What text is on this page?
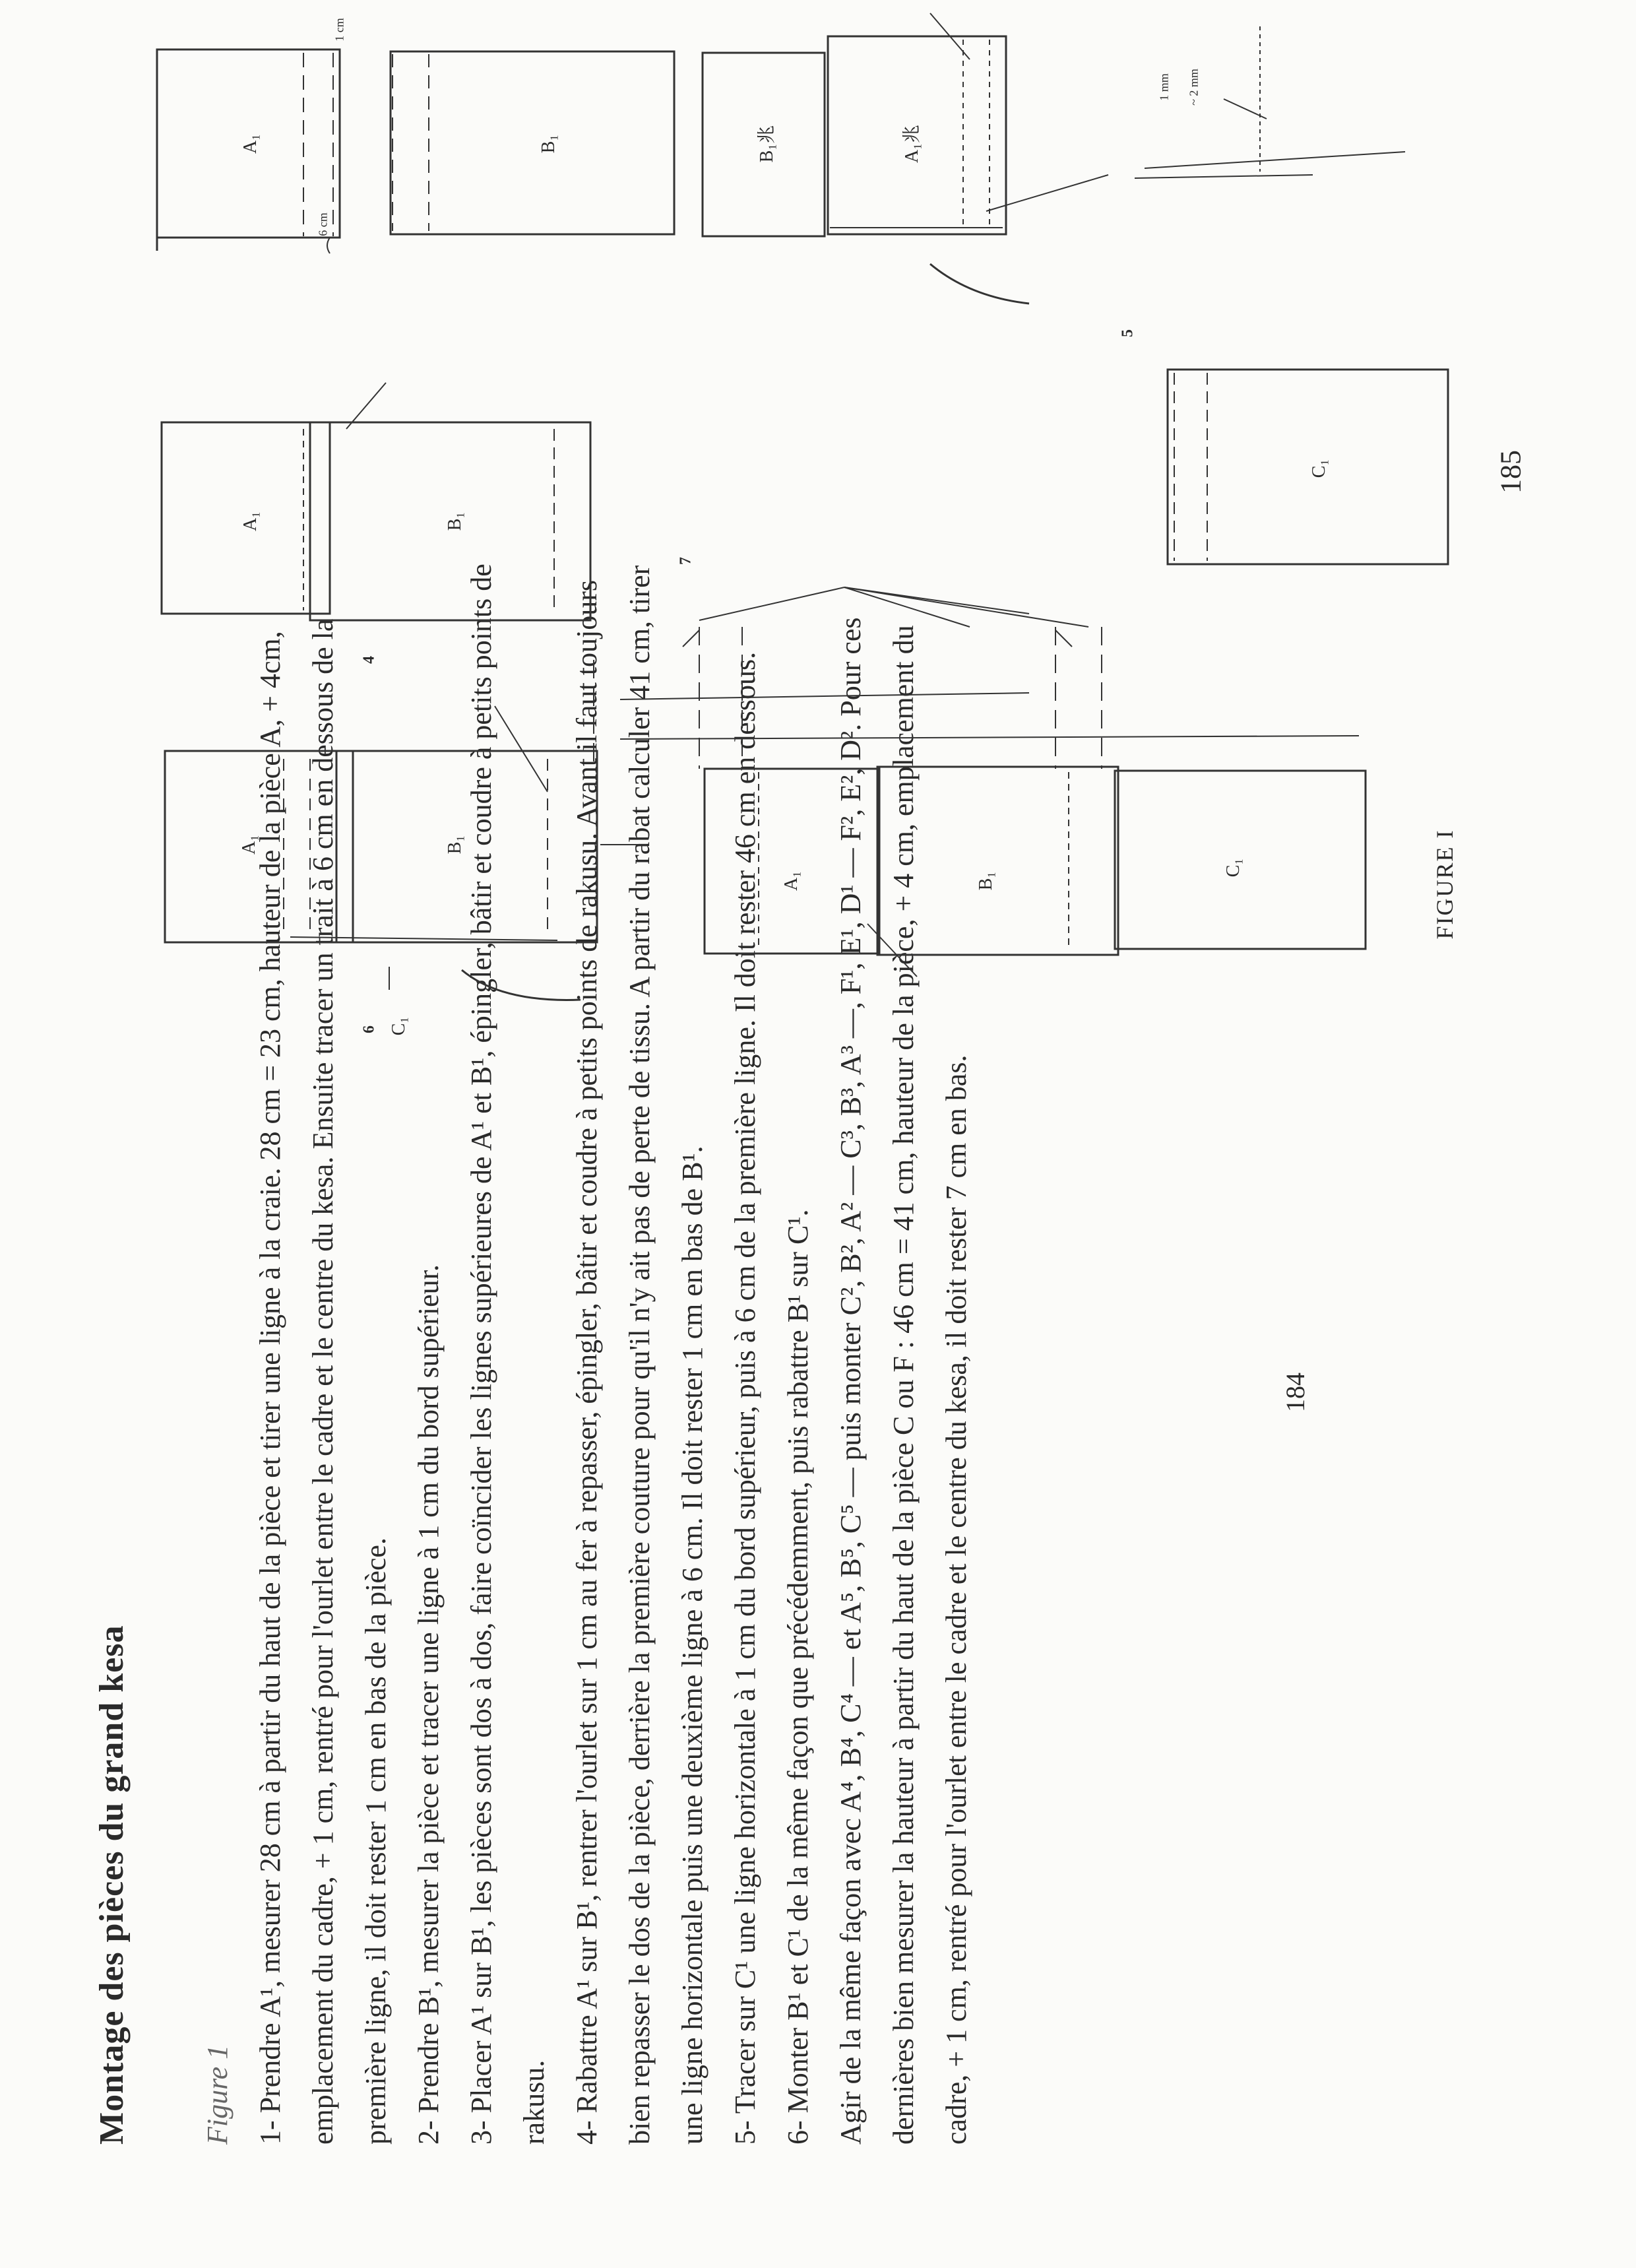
Montage des pièces du grand kesa	Figure 1 1- Prendre A¹, mesurer 28 cm à partir du haut de la pièce et tirer une ligne à la craie. 28 cm = 23 cm, hauteur de la pièce A, + 4cm, emplacement du cadre, + 1 cm, rentré pour l'ourlet entre le cadre et le centre du kesa. Ensuite tracer un trait à 6 cm en dessous de la première ligne, il doit rester 1 cm en bas de la pièce. 2- Prendre B¹, mesurer la pièce et tracer une ligne à 1 cm du bord supérieur. 3- Placer A¹ sur B¹, les pièces sont dos à dos, faire coïncider les lignes supérieures de A¹ et B¹, épingler, bâtir et coudre à petits points de rakusu. 4- Rabattre A¹ sur B¹, rentrer l'ourlet sur 1 cm au fer à repasser, épingler, bâtir et coudre à petits points de rakusu. Avant il faut toujours bien repasser le dos de la pièce, derrière la première couture pour qu'il n'y ait pas de perte de tissu. A partir du rabat calculer 41 cm, tirer une ligne horizontale puis une deuxième ligne à 6 cm. Il doit rester 1 cm en bas de B¹. 5- Tracer sur C¹ une ligne horizontale à 1 cm du bord supérieur, puis à 6 cm de la première ligne. Il doit rester 46 cm en dessous. 6- Monter B¹ et C¹ de la même façon que précédemment, puis rabattre B¹ sur C¹. Agir de la même façon avec A⁴, B⁴, C⁴ — et A⁵, B⁵, C⁵ — puis monter C², B², A² — C³, B³, A³ —, F¹, E¹, D¹ — F², E², D². Pour ces dernières bien mesurer la hauteur à partir du haut de la pièce C ou F : 46 cm = 41 cm, hauteur de la pièce, + 4 cm, emplacement du cadre, + 1 cm, rentré pour l'ourlet entre le cadre et le centre du kesa, il doit rester 7 cm en bas.	184
A₁	B₁	B₁兆	A₁兆
6 cm
1 cm
1 mm ~ 2 mm
4
5
6
7
A₁	B₁
A₁	B₁
C₁
C₁
A₁	B₁
C₁	FIGURE I
185
